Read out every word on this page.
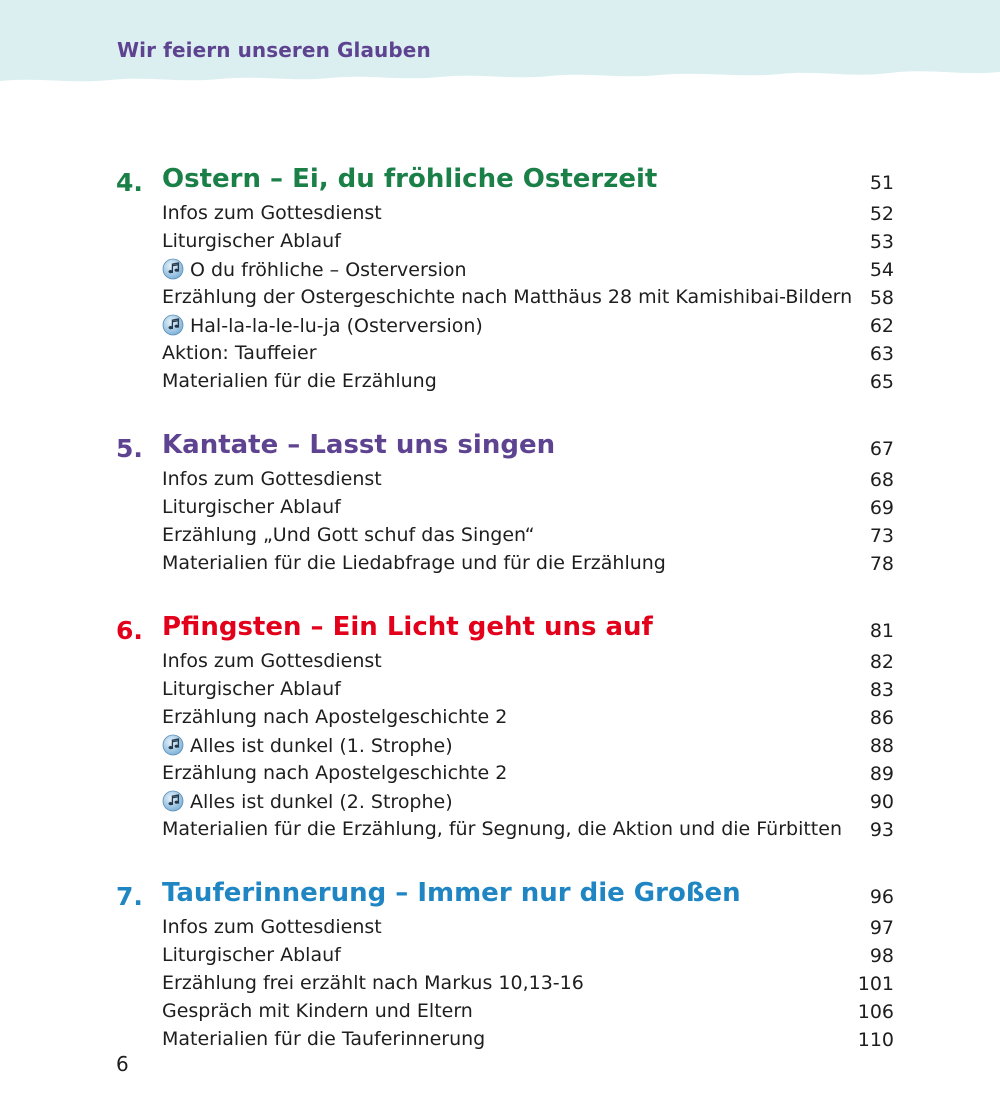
Wir feiern unseren Glauben
4. Ostern – Ei, du fröhliche Osterzeit	51
Infos zum Gottesdienst	52
Liturgischer Ablauf	53
O du fröhliche – Osterversion	54
Erzählung der Ostergeschichte nach Matthäus 28 mit Kamishibai-Bildern 58
Hal-la-la-le-lu-ja (Osterversion)	62
Aktion: Tauffeier	63
Materialien für die Erzählung	65
5. Kantate – Lasst uns singen	67
Infos zum Gottesdienst	68
Liturgischer Ablauf	69
Erzählung „Und Gott schuf das Singen“	73
Materialien für die Liedabfrage und für die Erzählung	78
6. Pfingsten – Ein Licht geht uns auf	81
Infos zum Gottesdienst	82
Liturgischer Ablauf	83
Erzählung nach Apostelgeschichte 2	86
Alles ist dunkel (1. Strophe)	88
Erzählung nach Apostelgeschichte 2	89
Alles ist dunkel (2. Strophe)	90
Materialien für die Erzählung, für Segnung, die Aktion und die Fürbitten 93
7. Tauferinnerung – Immer nur die Großen	96
Infos zum Gottesdienst	97
Liturgischer Ablauf	98
Erzählung frei erzählt nach Markus 10,13-16	101
Gespräch mit Kindern und Eltern	106
Materialien für die Tauferinnerung	110
6
